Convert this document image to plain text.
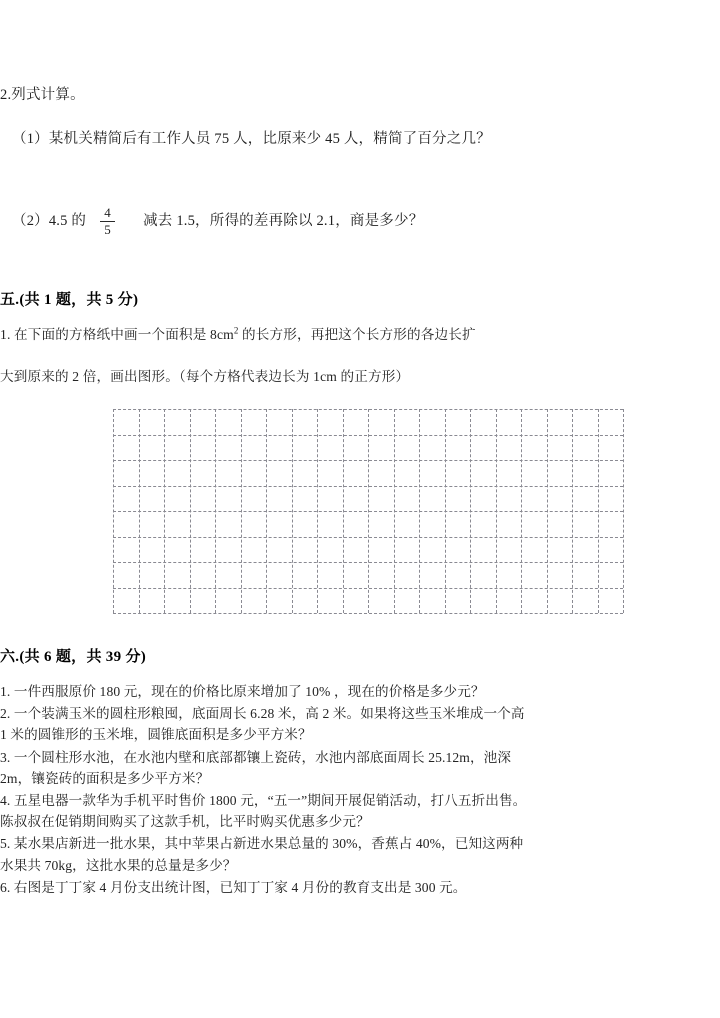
2.列式计算。
（1）某机关精简后有工作人员 75 人，比原来少 45 人，精简了百分之几？
（2）4.5 的 $\frac{4}{5}$ 减去 1.5，所得的差再除以 2.1，商是多少？
五.(共 1 题，共 5 分)
1. 在下面的方格纸中画一个面积是 $8cm^2$ 的长方形，再把这个长方形的各边长扩
大到原来的 2 倍，画出图形。（每个方格代表边长为 1cm 的正方形）
六.(共 6 题，共 39 分)
1. 一件西服原价 180 元，现在的价格比原来增加了 10% ，现在的价格是多少元？
2. 一个装满玉米的圆柱形粮囤，底面周长 6.28 米，高 2 米。如果将这些玉米堆成一个高 1 米的圆锥形的玉米堆，圆锥底面积是多少平方米？
3. 一个圆柱形水池，在水池内壁和底部都镶上瓷砖，水池内部底面周长 25.12m，池深 2m，镶瓷砖的面积是多少平方米？
4. 五星电器一款华为手机平时售价 1800 元，“五一”期间开展促销活动，打八五折出售。陈叔叔在促销期间购买了这款手机，比平时购买优惠多少元？
5. 某水果店新进一批水果，其中苹果占新进水果总量的 30%，香蕉占 40%，已知这两种水果共 70kg，这批水果的总量是多少？
6. 右图是丁丁家 4 月份支出统计图，已知丁丁家 4 月份的教育支出是 300 元。
